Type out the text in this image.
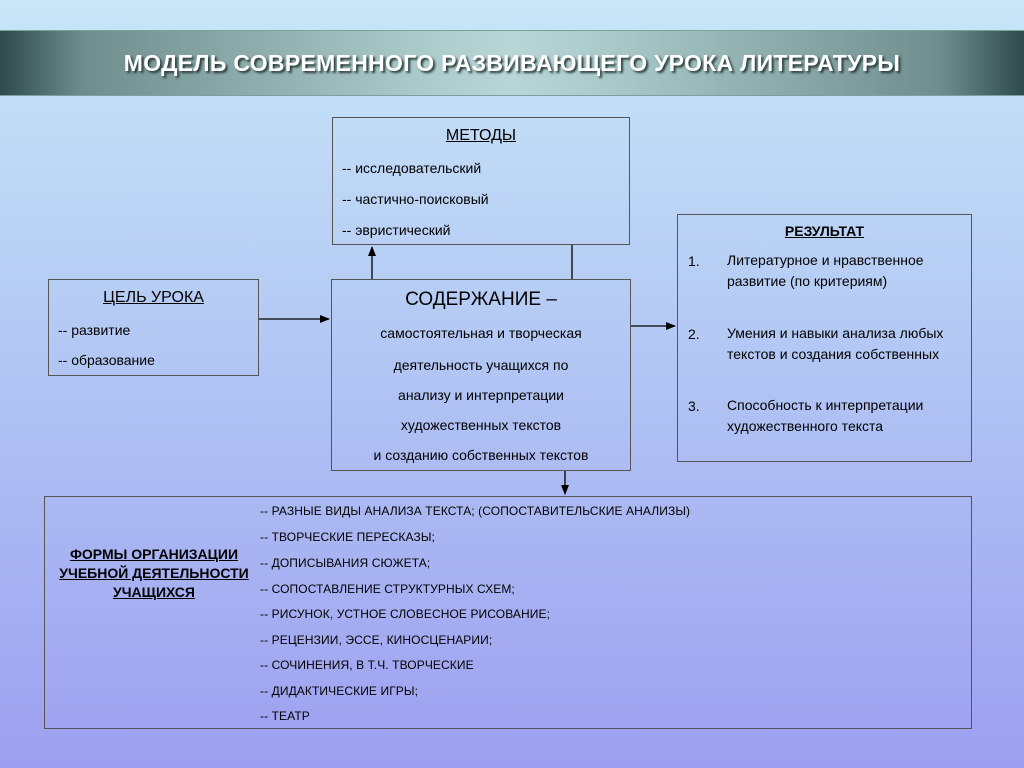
МОДЕЛЬ СОВРЕМЕННОГО РАЗВИВАЮЩЕГО УРОКА ЛИТЕРАТУРЫ
МЕТОДЫ
-- исследовательский
-- частично-поисковый
-- эвристический
ЦЕЛЬ УРОКА
-- развитие
-- образование
СОДЕРЖАНИЕ –
самостоятельная и творческая
деятельность учащихся по
анализу и интерпретации
художественных текстов
и созданию собственных текстов
РЕЗУЛЬТАТ
1. Литературное и нравственное развитие (по критериям)
2. Умения и навыки анализа любых текстов и создания собственных
3. Способность к интерпретации художественного текста
ФОРМЫ ОРГАНИЗАЦИИ УЧЕБНОЙ ДЕЯТЕЛЬНОСТИ УЧАЩИХСЯ
-- РАЗНЫЕ ВИДЫ АНАЛИЗА ТЕКСТА; (СОПОСТАВИТЕЛЬСКИЕ АНАЛИЗЫ)
-- ТВОРЧЕСКИЕ ПЕРЕСКАЗЫ;
-- ДОПИСЫВАНИЯ СЮЖЕТА;
-- СОПОСТАВЛЕНИЕ СТРУКТУРНЫХ СХЕМ;
-- РИСУНОК, УСТНОЕ СЛОВЕСНОЕ РИСОВАНИЕ;
-- РЕЦЕНЗИИ, ЭССЕ, КИНОСЦЕНАРИИ;
-- СОЧИНЕНИЯ, В Т.Ч. ТВОРЧЕСКИЕ
-- ДИДАКТИЧЕСКИЕ ИГРЫ;
-- ТЕАТР
